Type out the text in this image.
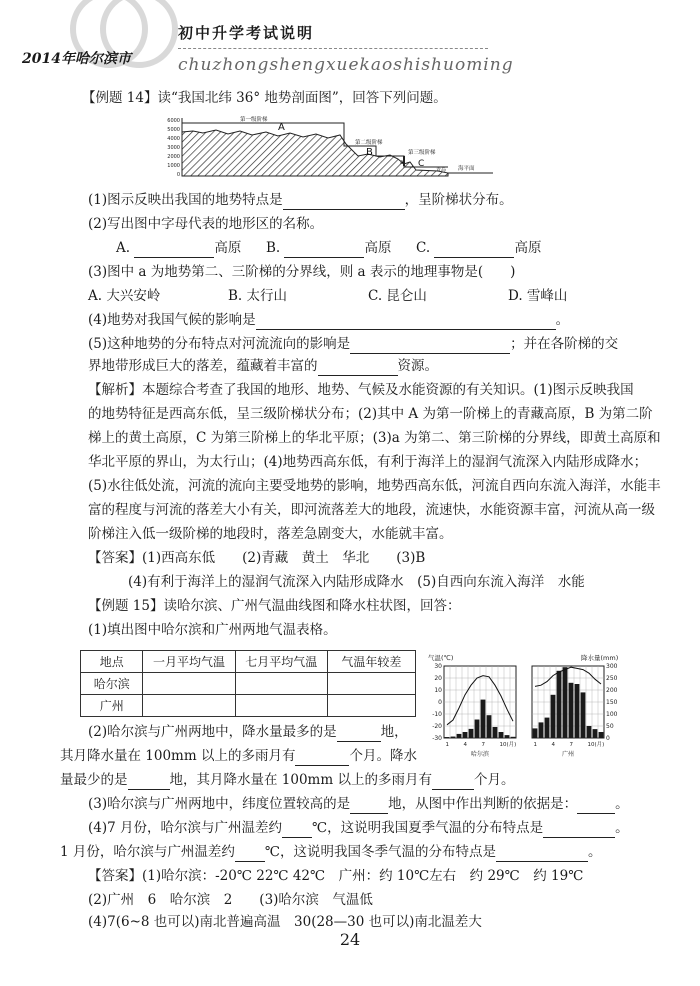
初中升学考试说明
2014年哈尔滨市	chuzhongshengxuekaoshishuoming
【例题 14】读“我国北纬 36° 地势剖面图”，回答下列问题。
6000
5000
4000
3000
2000
1000
0
第一级阶梯
第二级阶梯
第三级阶梯
A
B
C
a
青岛 海平面
(1)图示反映出我国的地势特点是	，呈阶梯状分布。
(2)写出图中字母代表的地形区的名称。
A.	高原 B.	高原 C.	高原
(3)图中 a 为地势第二、三阶梯的分界线，则 a 表示的地理事物是(　　)
A. 大兴安岭	B. 太行山	C. 昆仑山	D. 雪峰山
(4)地势对我国气候的影响是	。
(5)这种地势的分布特点对河流流向的影响是	；并在各阶梯的交
界地带形成巨大的落差，蕴藏着丰富的	资源。
【解析】本题综合考查了我国的地形、地势、气候及水能资源的有关知识。(1)图示反映我国
的地势特征是西高东低，呈三级阶梯状分布；(2)其中 A 为第一阶梯上的青藏高原，B 为第二阶
梯上的黄土高原，C 为第三阶梯上的华北平原；(3)a 为第二、第三阶梯的分界线，即黄土高原和
华北平原的界山，为太行山；(4)地势西高东低，有利于海洋上的湿润气流深入内陆形成降水；
(5)水往低处流，河流的流向主要受地势的影响，地势西高东低，河流自西向东流入海洋，水能丰
富的程度与河流的落差大小有关，即河流落差大的地段，流速快，水能资源丰富，河流从高一级
阶梯注入低一级阶梯的地段时，落差急剧变大，水能就丰富。
【答案】(1)西高东低　　(2)青藏　黄土　华北　　(3)B
(4)有利于海洋上的湿润气流深入内陆形成降水　(5)自西向东流入海洋　水能
【例题 15】读哈尔滨、广州气温曲线图和降水柱状图，回答：
(1)填出图中哈尔滨和广州两地气温表格。
地点	一月平均气温	七月平均气温	气温年较差
哈尔滨			
广州			
气温(℃)	降水量(mm)
30
20
10
0
-10
-20
-30
300
250
200
150
100
50
0
1	4	7	10(月)	1	4	7	10(月)
哈尔滨	广州
(2)哈尔滨与广州两地中，降水量最多的是	地，
其月降水量在 100mm 以上的多雨月有	个月。降水
量最少的是	地，其月降水量在 100mm 以上的多雨月有	个月。
(3)哈尔滨与广州两地中，纬度位置较高的是	地，从图中作出判断的依据是：	。
(4)7 月份，哈尔滨与广州温差约 ℃，这说明我国夏季气温的分布特点是	。
1 月份，哈尔滨与广州温差约 ℃，这说明我国冬季气温的分布特点是	。
【答案】(1)哈尔滨：-20℃ 22℃ 42℃　广州：约 10℃左右　约 29℃　约 19℃
(2)广州　6　哈尔滨　2　　(3)哈尔滨　气温低
(4)7(6~8 也可以)南北普遍高温　30(28—30 也可以)南北温差大
24
